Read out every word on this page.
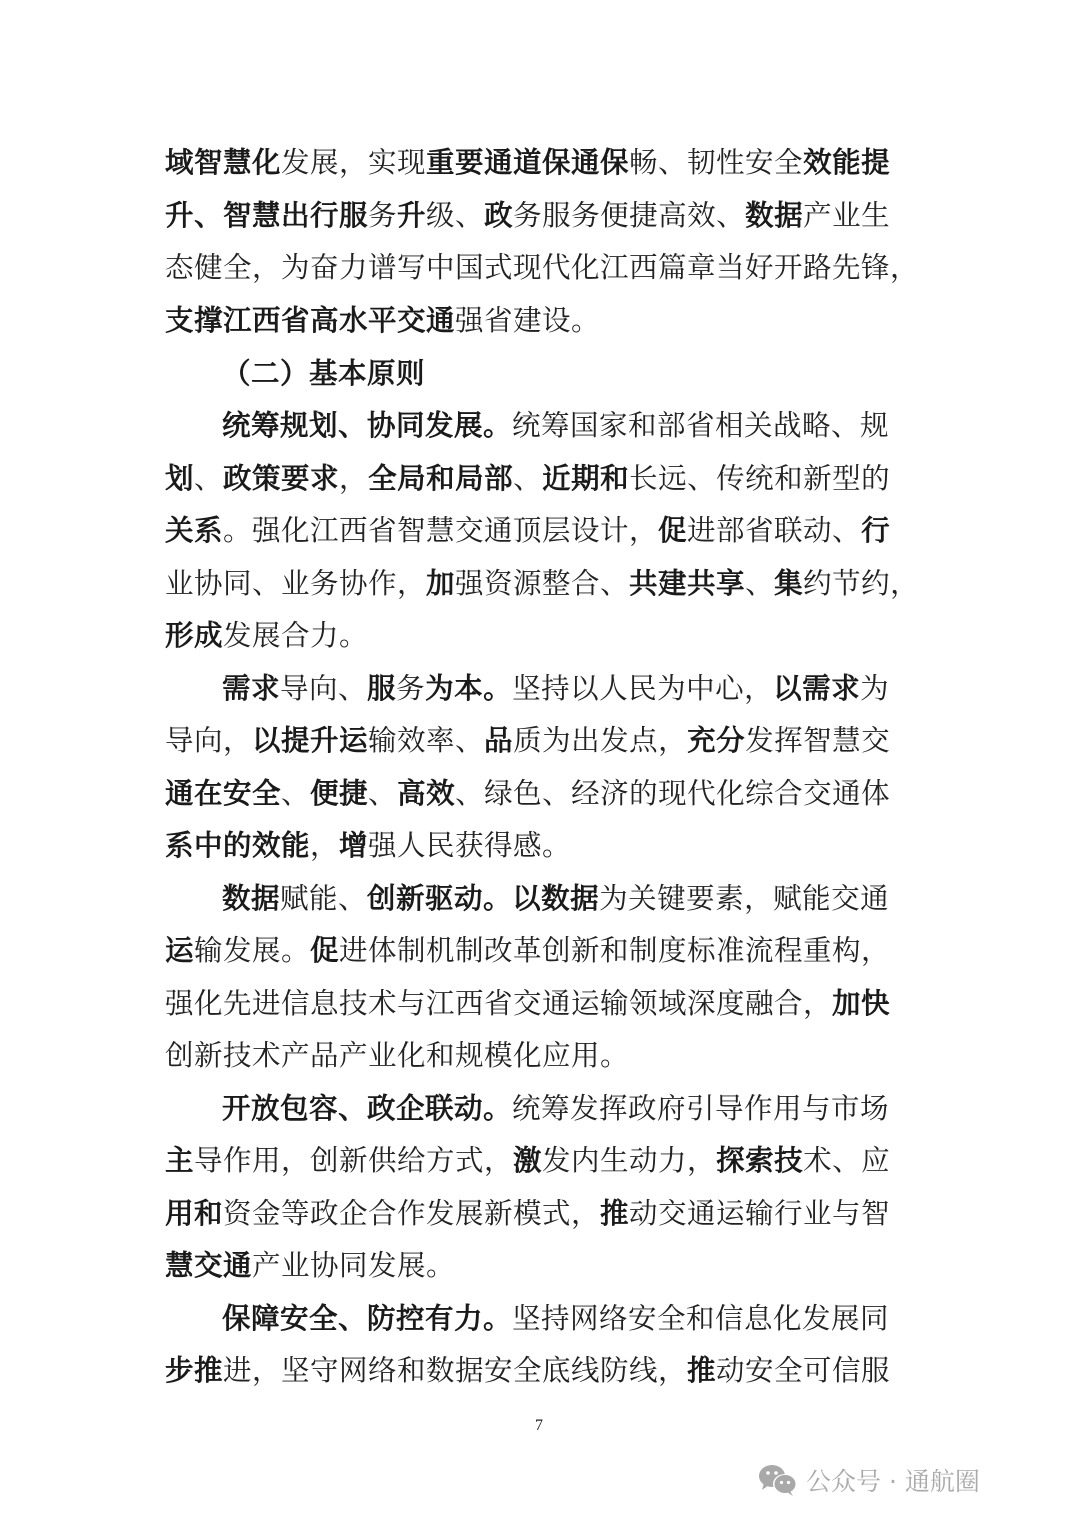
域智慧化发展，实现重要通道保通保畅、韧性安全效能提
升、智慧出行服务升级、政务服务便捷高效、数据产业生
态健全，为奋力谱写中国式现代化江西篇章当好开路先锋，
支撑江西省高水平交通强省建设。
（二）基本原则
统筹规划、协同发展。统筹国家和部省相关战略、规
划、政策要求，全局和局部、近期和长远、传统和新型的
关系。强化江西省智慧交通顶层设计，促进部省联动、行
业协同、业务协作，加强资源整合、共建共享、集约节约，
形成发展合力。
需求导向、服务为本。坚持以人民为中心，以需求为
导向，以提升运输效率、品质为出发点，充分发挥智慧交
通在安全、便捷、高效、绿色、经济的现代化综合交通体
系中的效能，增强人民获得感。
数据赋能、创新驱动。以数据为关键要素，赋能交通
运输发展。促进体制机制改革创新和制度标准流程重构，
强化先进信息技术与江西省交通运输领域深度融合，加快
创新技术产品产业化和规模化应用。
开放包容、政企联动。统筹发挥政府引导作用与市场
主导作用，创新供给方式，激发内生动力，探索技术、应
用和资金等政企合作发展新模式，推动交通运输行业与智
慧交通产业协同发展。
保障安全、防控有力。坚持网络安全和信息化发展同
步推进，坚守网络和数据安全底线防线，推动安全可信服
7
公众号 · 通航圈
